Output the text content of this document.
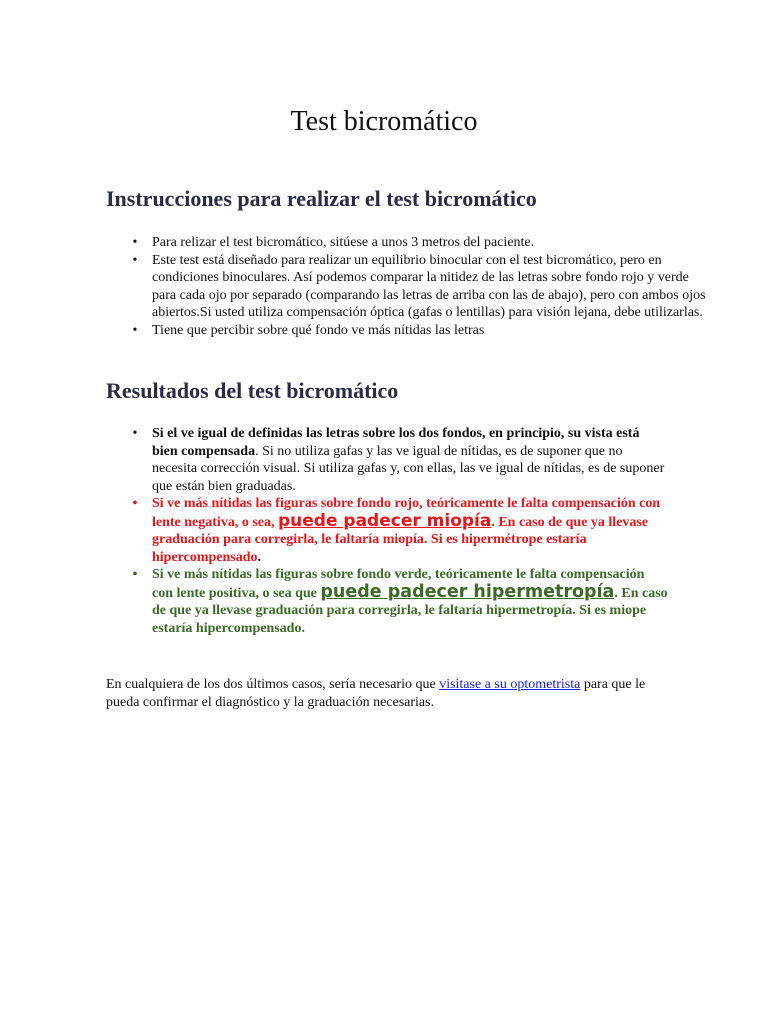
Test bicromático
Instrucciones para realizar el test bicromático
• Para relizar el test bicromático, sitúese a unos 3 metros del paciente.
• Este test está diseñado para realizar un equilibrio binocular con el test bicromático, pero en condiciones binoculares. Así podemos comparar la nitidez de las letras sobre fondo rojo y verde para cada ojo por separado (comparando las letras de arriba con las de abajo), pero con ambos ojos abiertos.Si usted utiliza compensación óptica (gafas o lentillas) para visión lejana, debe utilizarlas.
• Tiene que percibir sobre qué fondo ve más nítidas las letras
Resultados del test bicromático
• Si el ve igual de definidas las letras sobre los dos fondos, en principio, su vista está bien compensada. Si no utiliza gafas y las ve igual de nítidas, es de suponer que no necesita corrección visual. Si utiliza gafas y, con ellas, las ve igual de nítidas, es de suponer que están bien graduadas.
• Si ve más nítidas las figuras sobre fondo rojo, teóricamente le falta compensación con lente negativa, o sea, puede padecer miopía. En caso de que ya llevase graduación para corregirla, le faltaría miopía. Si es hipermétrope estaría hipercompensado.
• Si ve más nítidas las figuras sobre fondo verde, teóricamente le falta compensación con lente positiva, o sea que puede padecer hipermetropía. En caso de que ya llevase graduación para corregirla, le faltaría hipermetropía. Si es miope estaría hipercompensado.

En cualquiera de los dos últimos casos, sería necesario que visitase a su optometrista para que le pueda confirmar el diagnóstico y la graduación necesarias.
